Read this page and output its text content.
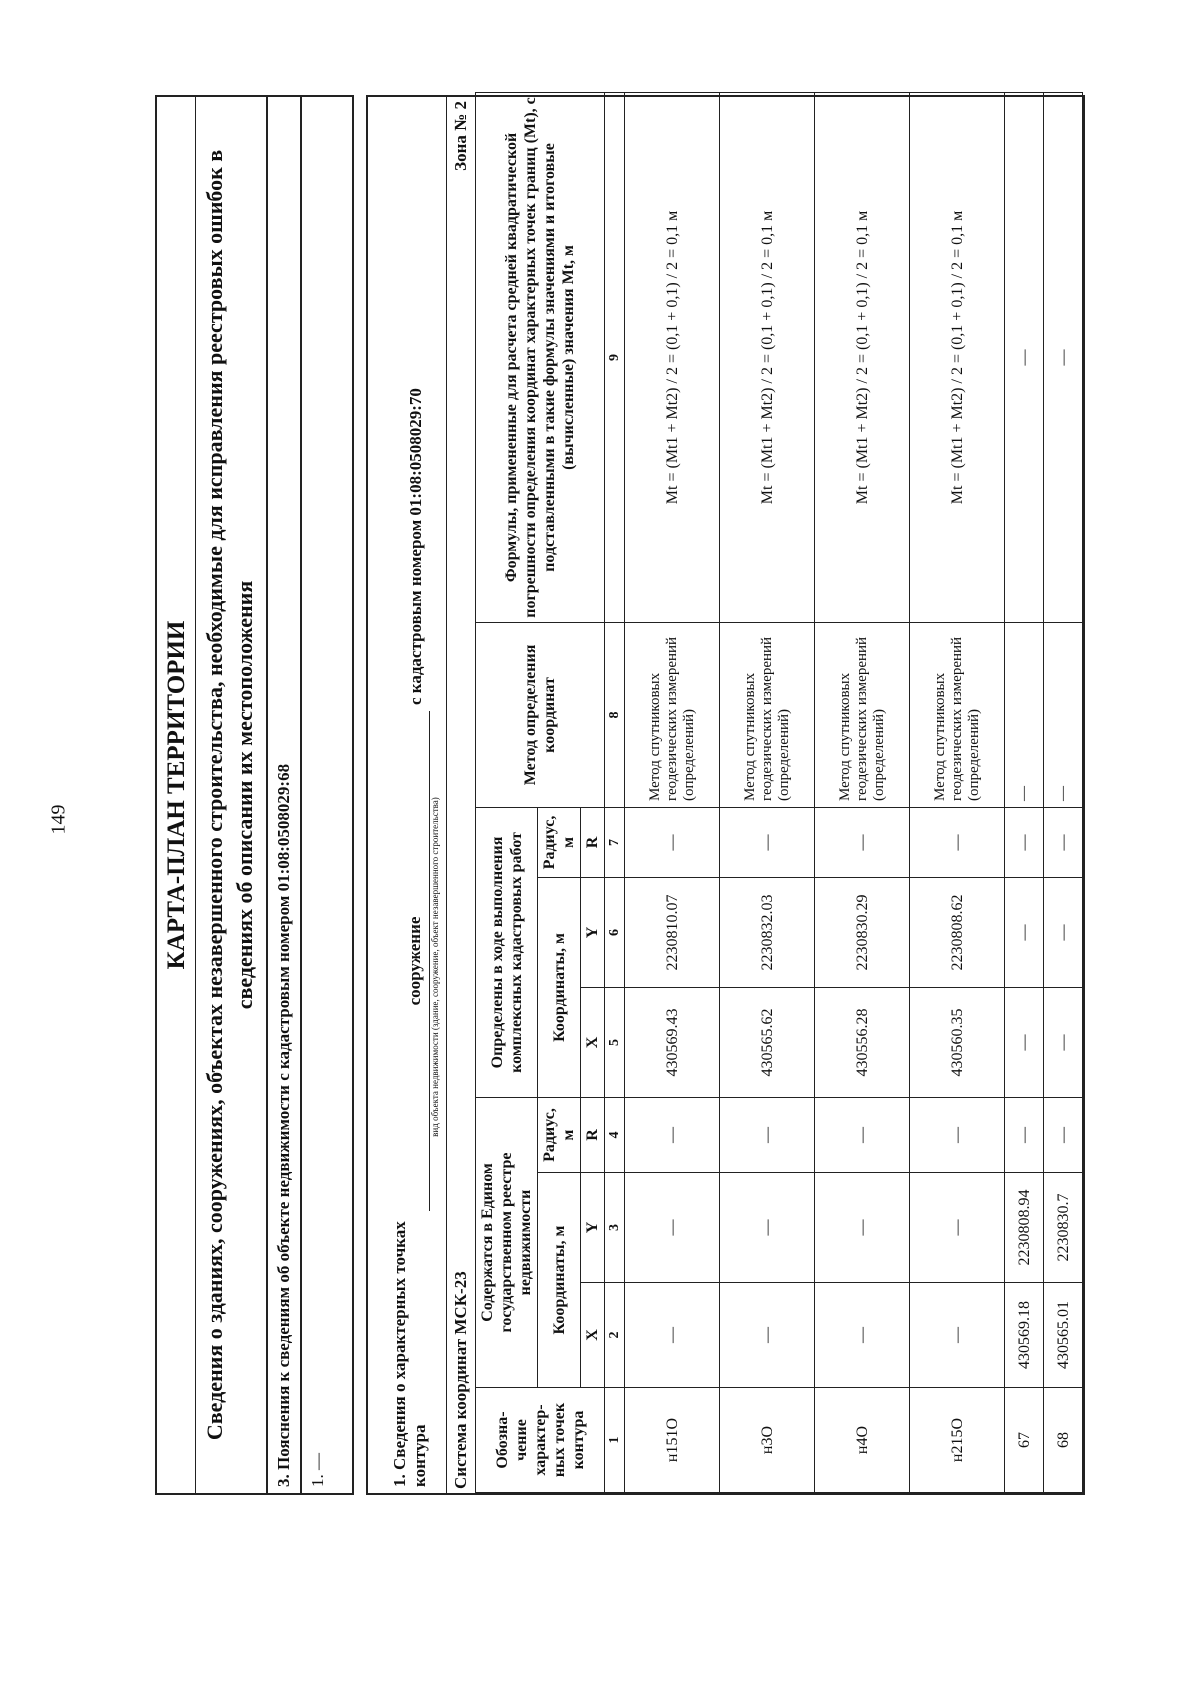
149	КАРТА-ПЛАН ТЕРРИТОРИИ Сведения о зданиях, сооружениях, объектах незавершенного строительства, необходимые для исправления реестровых ошибок в сведениях об описании их местоположения	3. Пояснения к сведениям об объекте недвижимости с кадастровым номером 01:08:0508029:68 1. —	1. Сведения о характерных точках контура
сооружение
с кадастровым номером 01:08:0508029:70
вид объекта недвижимости (здание, сооружение, объект незавершенного строительства)
Система координат МСК-23
Зона № 2
Обозна-чение характер-ных точек контура	Содержатся в Едином государственном реестре недвижимости			Определены в ходе выполнения комплексных кадастровых работ			Метод определения координат	Формулы, примененные для расчета средней квадратической погрешности определения координат характерных точек границ (Мt), с подставленными в такие формулы значениями и итоговые (вычисленные) значения Мt, м
	Координаты, м		Радиус, м	Координаты, м		Радиус, м		
	X	Y	R	X	Y	R		
1	2	3	4	5	6	7	8	9
н151О	—	—	—	430569.43	2230810.07	—	Метод спутниковых геодезических измерений (определений)	Mt = (Mt1 + Mt2) / 2 = (0,1 + 0,1) / 2 = 0,1 м
н3О	—	—	—	430565.62	2230832.03	—	Метод спутниковых геодезических измерений (определений)	Mt = (Mt1 + Mt2) / 2 = (0,1 + 0,1) / 2 = 0,1 м
н4О	—	—	—	430556.28	2230830.29	—	Метод спутниковых геодезических измерений (определений)	Mt = (Mt1 + Mt2) / 2 = (0,1 + 0,1) / 2 = 0,1 м
н215О	—	—	—	430560.35	2230808.62	—	Метод спутниковых геодезических измерений (определений)	Mt = (Mt1 + Mt2) / 2 = (0,1 + 0,1) / 2 = 0,1 м
67	430569.18	2230808.94	—	—	—	—	—	—
68	430565.01	2230830.7	—	—	—	—	—	—
